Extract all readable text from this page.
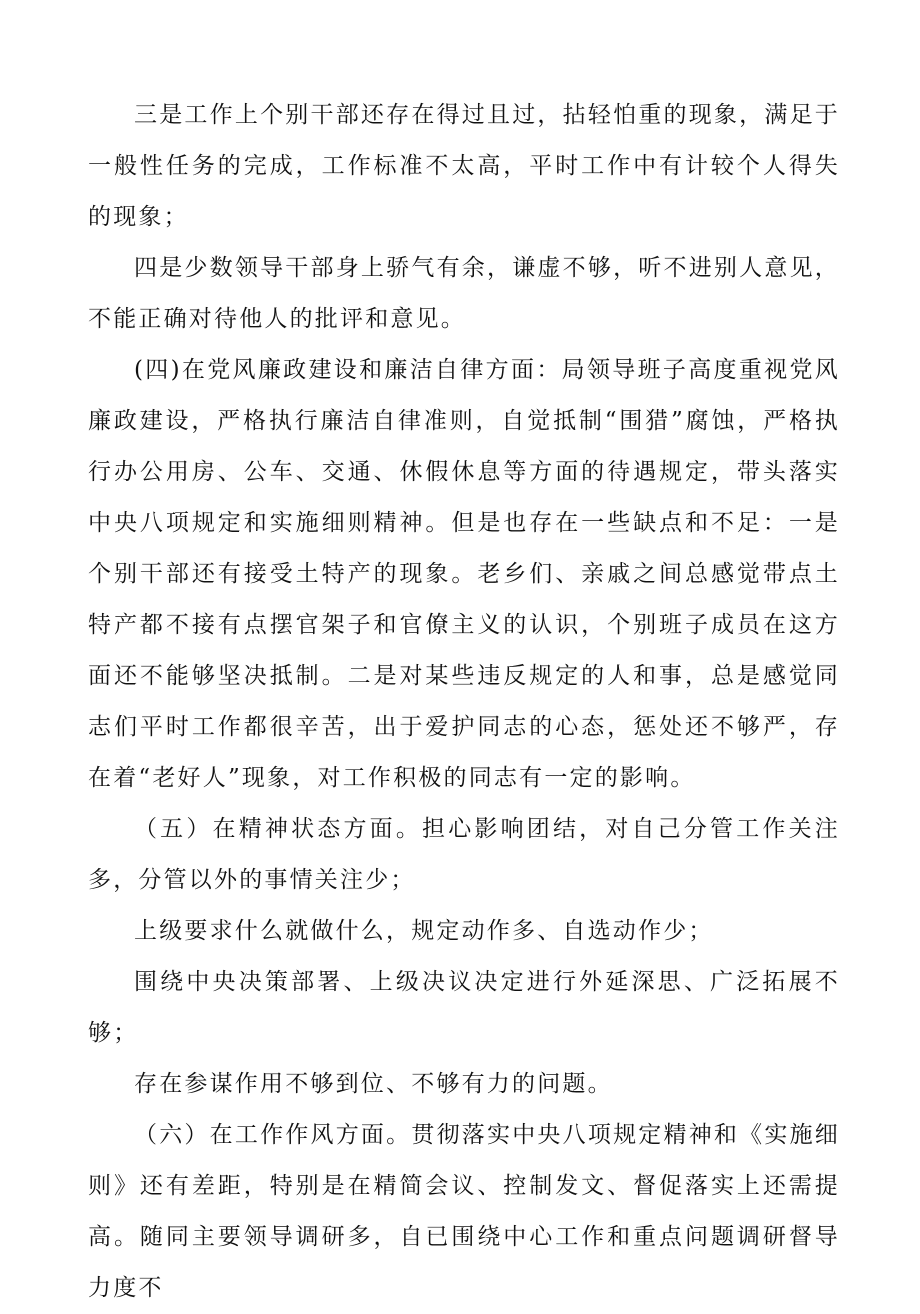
三是工作上个别干部还存在得过且过，拈轻怕重的现象，满足于一般性任务的完成，工作标准不太高，平时工作中有计较个人得失的现象；

四是少数领导干部身上骄气有余，谦虚不够，听不进别人意见，不能正确对待他人的批评和意见。

(四)在党风廉政建设和廉洁自律方面：局领导班子高度重视党风廉政建设，严格执行廉洁自律准则，自觉抵制“围猎”腐蚀，严格执行办公用房、公车、交通、休假休息等方面的待遇规定，带头落实中央八项规定和实施细则精神。但是也存在一些缺点和不足：一是个别干部还有接受土特产的现象。老乡们、亲戚之间总感觉带点土特产都不接有点摆官架子和官僚主义的认识，个别班子成员在这方面还不能够坚决抵制。二是对某些违反规定的人和事，总是感觉同志们平时工作都很辛苦，出于爱护同志的心态，惩处还不够严，存在着“老好人”现象，对工作积极的同志有一定的影响。

（五）在精神状态方面。担心影响团结，对自己分管工作关注多，分管以外的事情关注少；

上级要求什么就做什么，规定动作多、自选动作少；

围绕中央决策部署、上级决议决定进行外延深思、广泛拓展不够；

存在参谋作用不够到位、不够有力的问题。

（六）在工作作风方面。贯彻落实中央八项规定精神和《实施细则》还有差距，特别是在精简会议、控制发文、督促落实上还需提高。随同主要领导调研多，自已围绕中心工作和重点问题调研督导力度不
